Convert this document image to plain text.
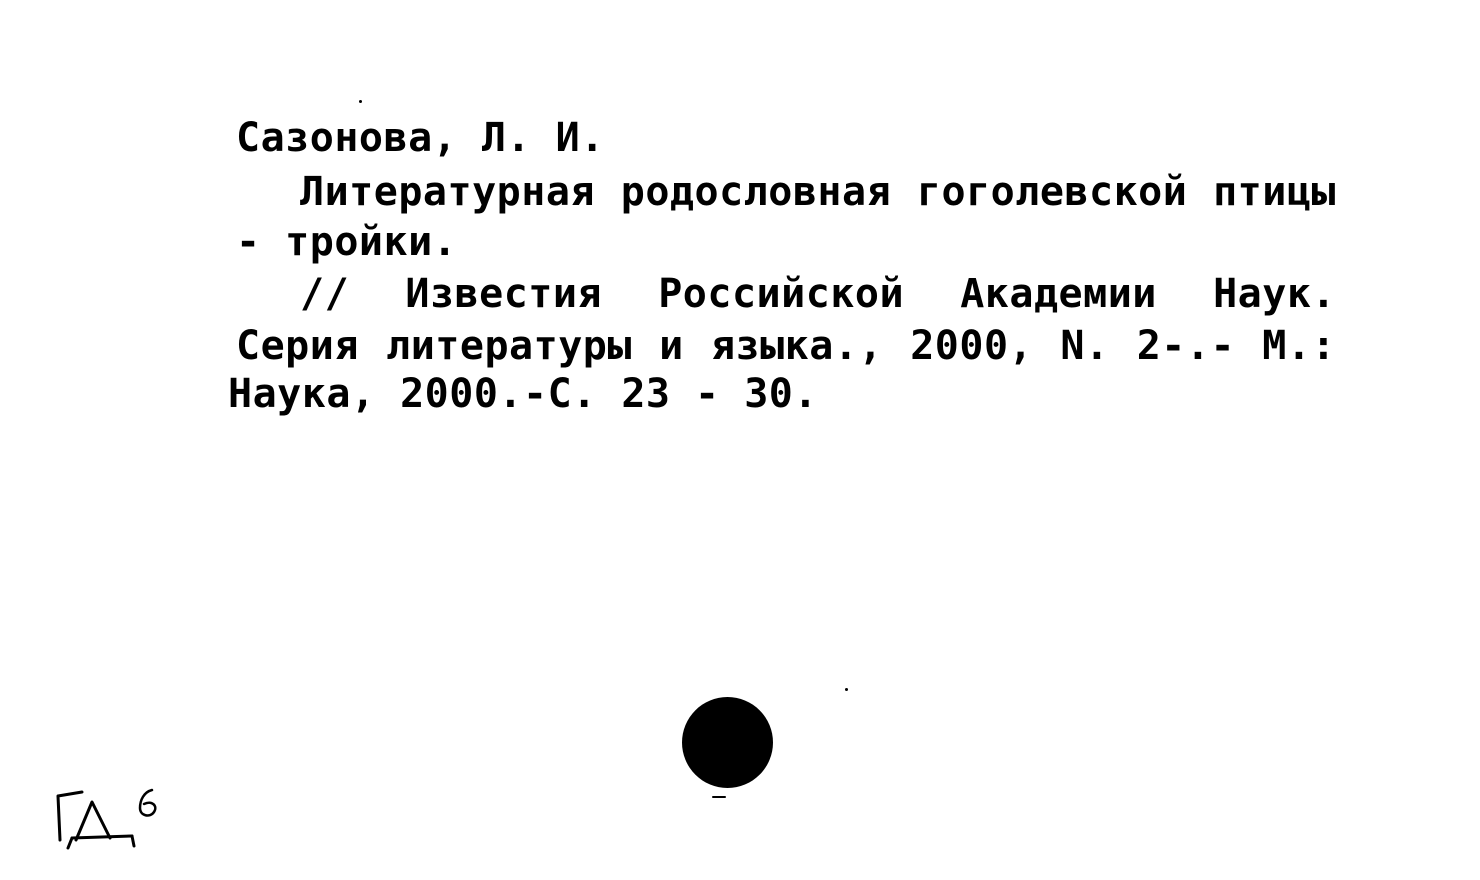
Сазонова, Л. И.
Литературная родословная гоголевской птицы
- тройки.
// Известия Российской Академии Наук.
Серия литературы и языка., 2000, N. 2-.- М.:
Наука, 2000.-С. 23 - 30.
